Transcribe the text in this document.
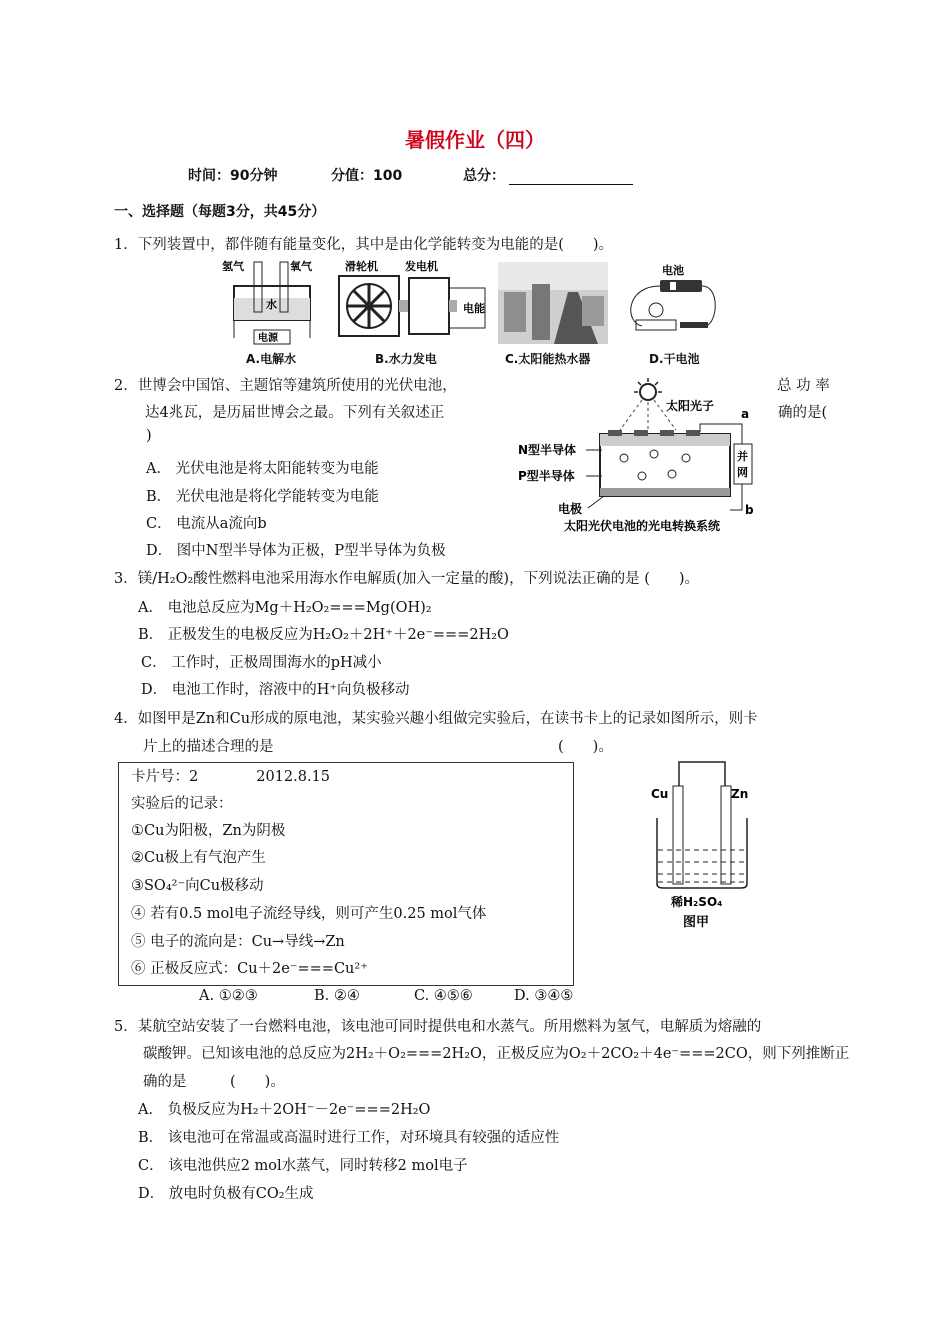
暑假作业（四）
时间：90分钟	分值：100	总分：
一、选择题（每题3分，共45分）
1．下列装置中，都伴随有能量变化，其中是由化学能转变为电能的是(　　)。
氢气	氧气
水
电源
A.电解水
滑轮机 发电机
电能
B.水力发电	C.太阳能热水器
电池
D.干电池
2．世博会中国馆、主题馆等建筑所使用的光伏电池，	总 功 率
达4兆瓦，是历届世博会之最。下列有关叙述正	确的是(
)
A． 光伏电池是将太阳能转变为电能
B． 光伏电池是将化学能转变为电能
C． 电流从a流向b
D． 图中N型半导体为正极，P型半导体为负极
太阳光子
a
并
网
b
N型半导体
P型半导体
电极
太阳光伏电池的光电转换系统
3．镁/H₂O₂酸性燃料电池采用海水作电解质(加入一定量的酸)，下列说法正确的是 (　　)。
A． 电池总反应为Mg＋H₂O₂===Mg(OH)₂
B． 正极发生的电极反应为H₂O₂＋2H⁺＋2e⁻===2H₂O
C． 工作时，正极周围海水的pH减小
D． 电池工作时，溶液中的H⁺向负极移动
4．如图甲是Zn和Cu形成的原电池，某实验兴趣小组做完实验后，在读书卡上的记录如图所示，则卡
片上的描述合理的是	(　　)。
卡片号：2　　　　2012.8.15
实验后的记录：
①Cu为阳极，Zn为阴极
②Cu极上有气泡产生
③SO₄²⁻向Cu极移动
④ 若有0.5 mol电子流经导线，则可产生0.25 mol气体
⑤ 电子的流向是：Cu→导线→Zn
⑥ 正极反应式：Cu＋2e⁻===Cu²⁺
A. ①②③	B. ②④	C. ④⑤⑥	D. ③④⑤
Cu	Zn
稀H₂SO₄
图甲
5．某航空站安装了一台燃料电池，该电池可同时提供电和水蒸气。所用燃料为氢气，电解质为熔融的
碳酸钾。已知该电池的总反应为2H₂＋O₂===2H₂O，正极反应为O₂＋2CO₂＋4e⁻===2CO，则下列推断正
确的是　　　(　　)。
A． 负极反应为H₂＋2OH⁻－2e⁻===2H₂O
B． 该电池可在常温或高温时进行工作，对环境具有较强的适应性
C． 该电池供应2 mol水蒸气，同时转移2 mol电子
D． 放电时负极有CO₂生成
